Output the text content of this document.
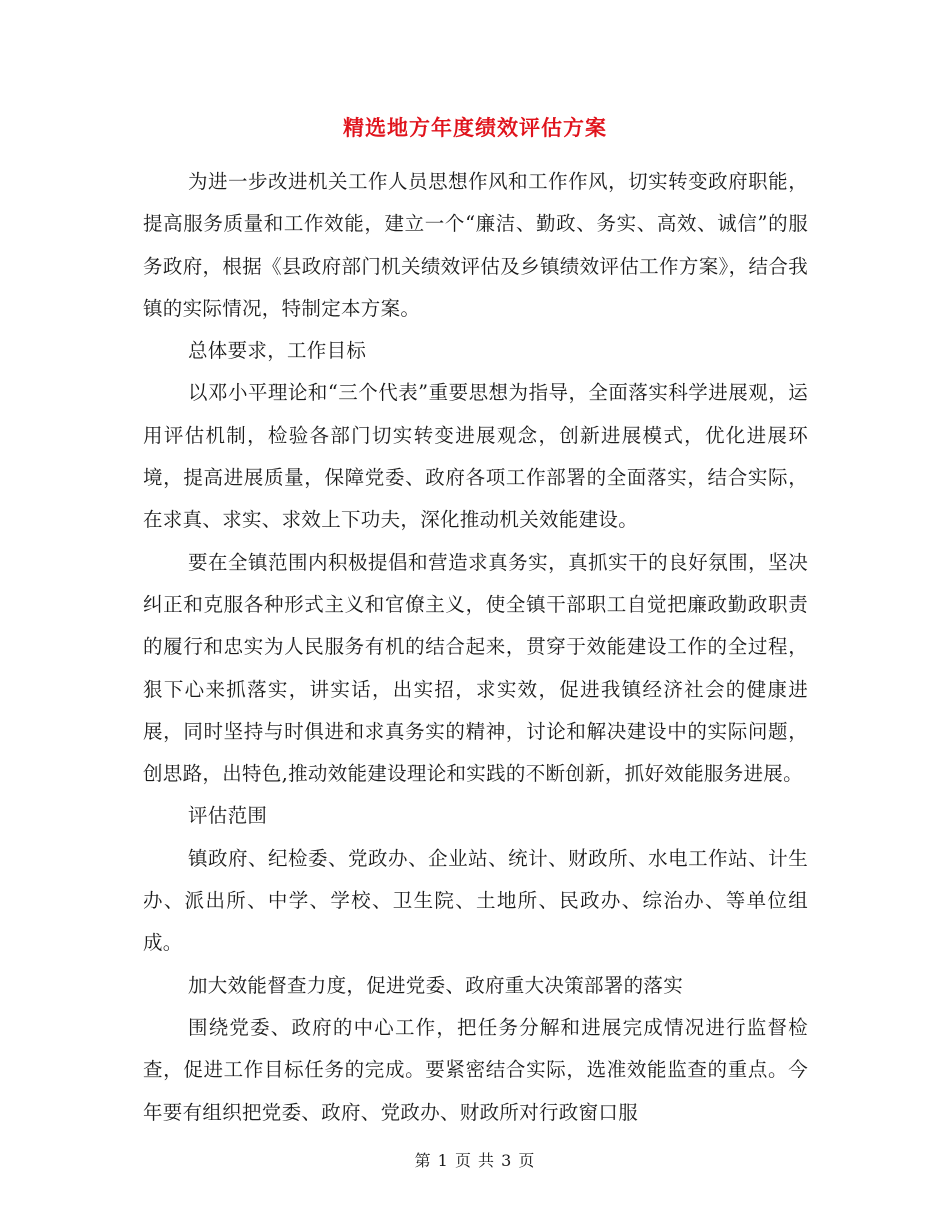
精选地方年度绩效评估方案

为进一步改进机关工作人员思想作风和工作作风，切实转变政府职能，提高服务质量和工作效能，建立一个“廉洁、勤政、务实、高效、诚信”的服务政府，根据《县政府部门机关绩效评估及乡镇绩效评估工作方案》，结合我镇的实际情况，特制定本方案。

总体要求，工作目标

以邓小平理论和“三个代表”重要思想为指导，全面落实科学进展观，运用评估机制，检验各部门切实转变进展观念，创新进展模式，优化进展环境，提高进展质量，保障党委、政府各项工作部署的全面落实，结合实际，在求真、求实、求效上下功夫，深化推动机关效能建设。

要在全镇范围内积极提倡和营造求真务实，真抓实干的良好氛围，坚决纠正和克服各种形式主义和官僚主义，使全镇干部职工自觉把廉政勤政职责的履行和忠实为人民服务有机的结合起来，贯穿于效能建设工作的全过程，狠下心来抓落实，讲实话，出实招，求实效，促进我镇经济社会的健康进展，同时坚持与时俱进和求真务实的精神，讨论和解决建设中的实际问题，创思路，出特色,推动效能建设理论和实践的不断创新，抓好效能服务进展。

评估范围

镇政府、纪检委、党政办、企业站、统计、财政所、水电工作站、计生办、派出所、中学、学校、卫生院、土地所、民政办、综治办、等单位组成。

加大效能督查力度，促进党委、政府重大决策部署的落实

围绕党委、政府的中心工作，把任务分解和进展完成情况进行监督检查，促进工作目标任务的完成。要紧密结合实际，选准效能监查的重点。今年要有组织把党委、政府、党政办、财政所对行政窗口服

第 1 页 共 3 页
